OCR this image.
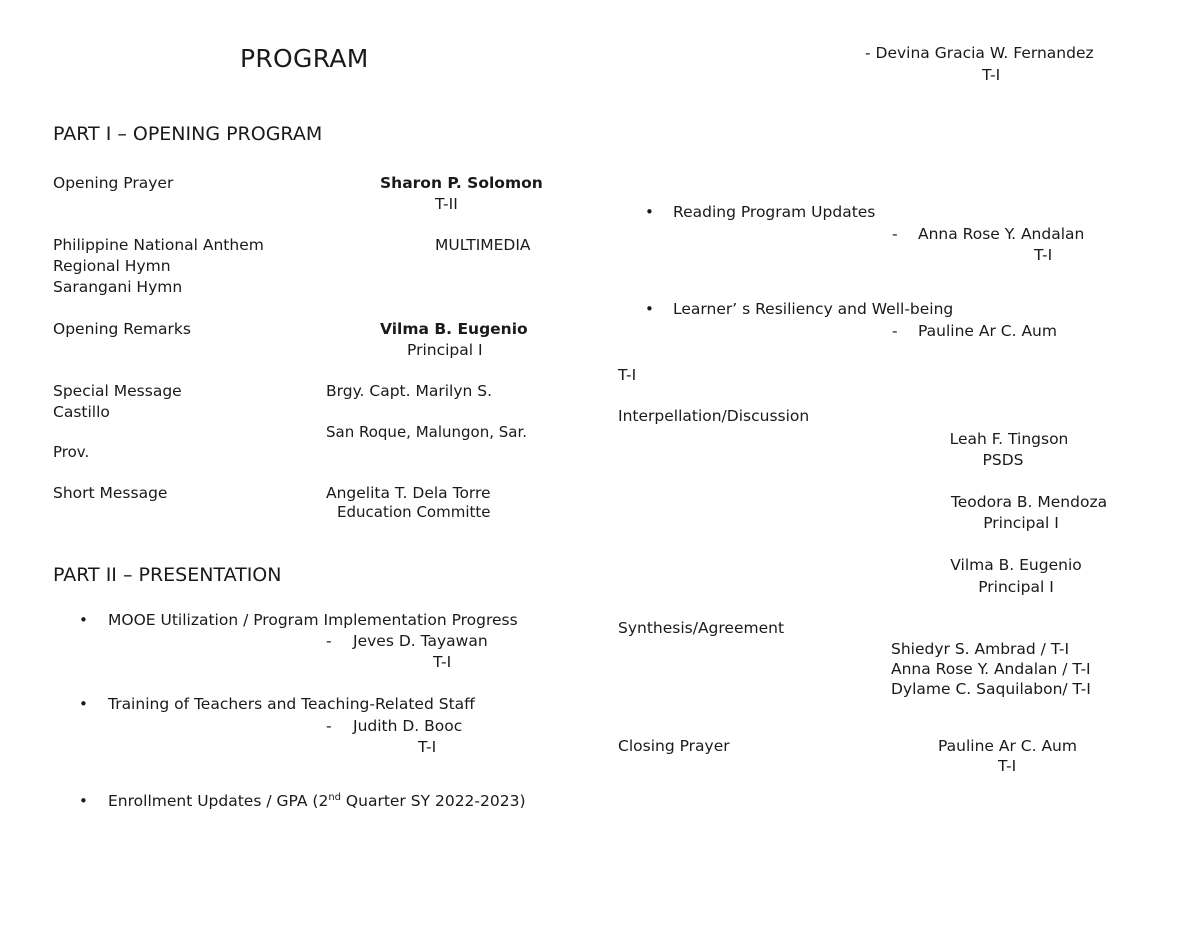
PROGRAM	- Devina Gracia W. Fernandez
T-I
PART I – OPENING PROGRAM
Opening Prayer	Sharon P. Solomon
T-II
Philippine National Anthem
Regional Hymn
Sarangani Hymn
MULTIMEDIA
Opening Remarks	Vilma B. Eugenio
Principal I
Special Message	Brgy. Capt. Marilyn S.
Castillo
San Roque, Malungon, Sar.
Prov.
Short Message	Angelita T. Dela Torre
Education Committe
PART II – PRESENTATION
• MOOE Utilization / Program Implementation Progress
- Jeves D. Tayawan
T-I
• Training of Teachers and Teaching-Related Staff
- Judith D. Booc
T-I
• Enrollment Updates / GPA (2nd Quarter SY 2022-2023)
• Reading Program Updates
- Anna Rose Y. Andalan
T-I
• Learner’ s Resiliency and Well-being
- Pauline Ar C. Aum
T-I
Interpellation/Discussion
Leah F. Tingson
PSDS
Teodora B. Mendoza
Principal I
Vilma B. Eugenio
Principal I
Synthesis/Agreement
Shiedyr S. Ambrad / T-I
Anna Rose Y. Andalan / T-I
Dylame C. Saquilabon/ T-I
Closing Prayer	Pauline Ar C. Aum
T-I
